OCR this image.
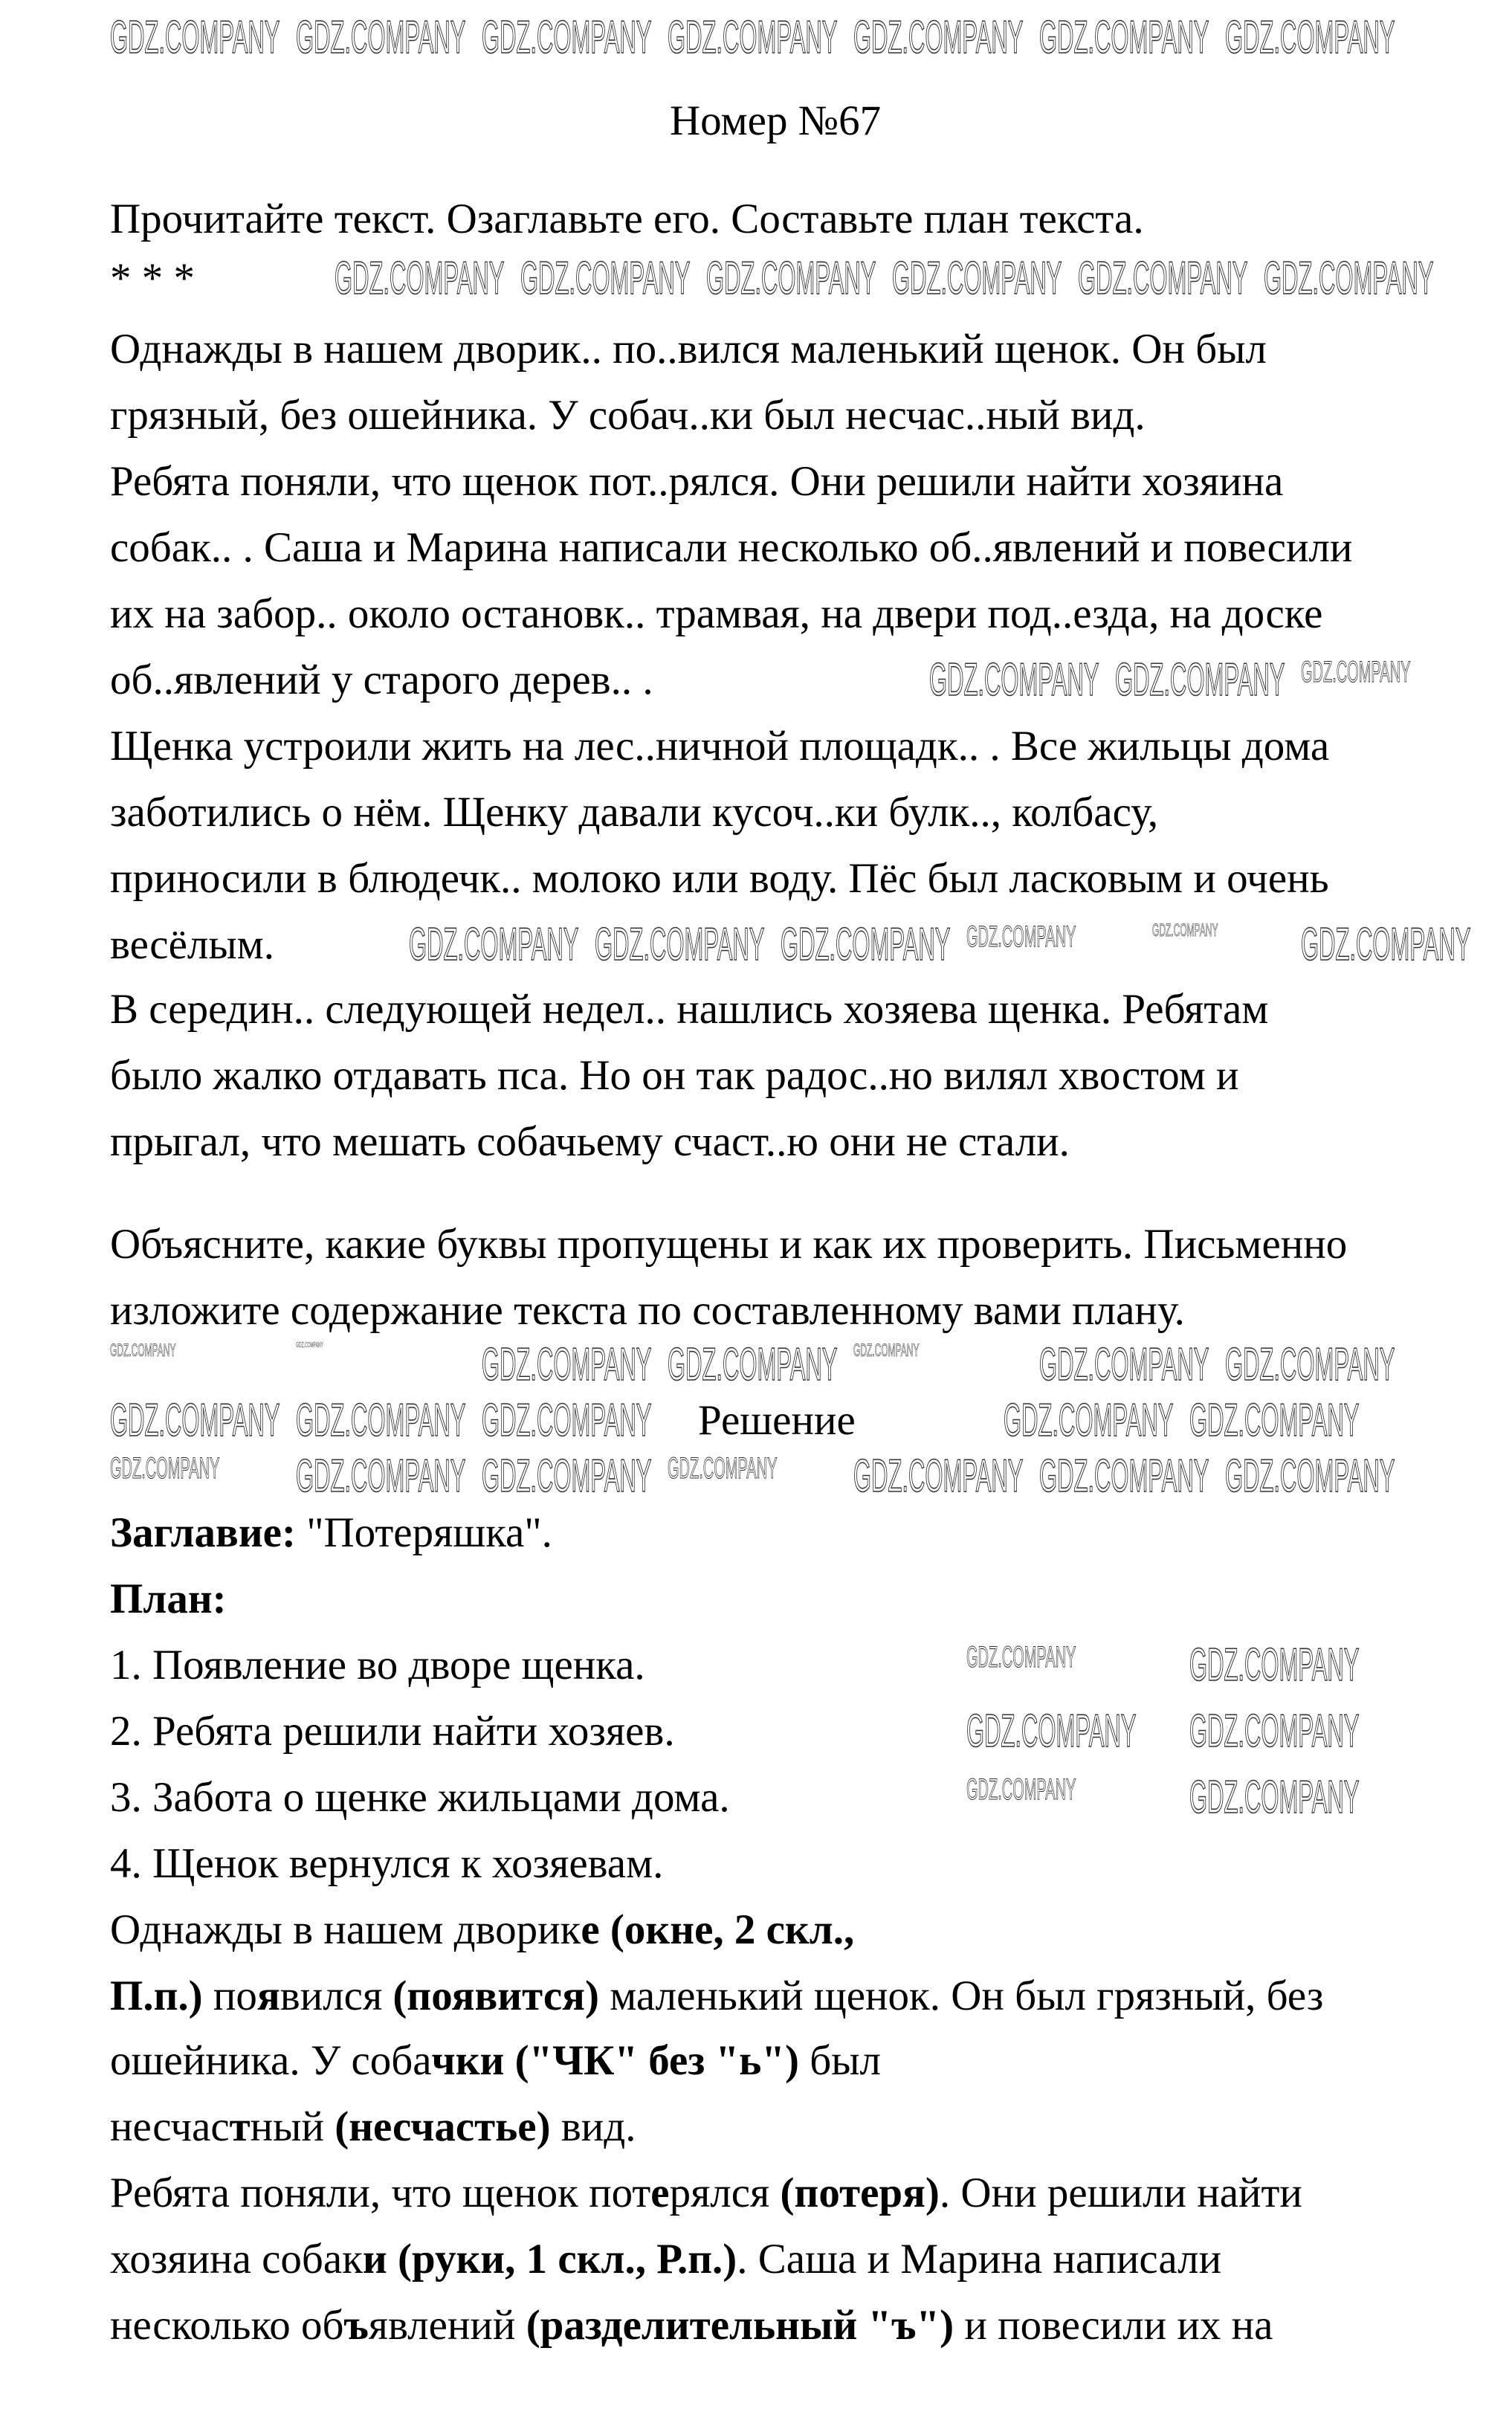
Номер №67
Решение
Прочитайте текст. Озаглавьте его. Составьте план текста.
* * *
Однажды в нашем дворик.. по..вился маленький щенок. Он был
грязный, без ошейника. У собач..ки был несчас..ный вид.
Ребята поняли, что щенок пот..рялся. Они решили найти хозяина
собак.. . Саша и Марина написали несколько об..явлений и повесили
их на забор.. около остановк.. трамвая, на двери под..езда, на доске
об..явлений у старого дерев.. .
Щенка устроили жить на лес..ничной площадк.. . Все жильцы дома
заботились о нём. Щенку давали кусоч..ки булк.., колбасу,
приносили в блюдечк.. молоко или воду. Пёс был ласковым и очень
весёлым.
В середин.. следующей недел.. нашлись хозяева щенка. Ребятам
было жалко отдавать пса. Но он так радос..но вилял хвостом и
прыгал, что мешать собачьему счаст..ю они не стали.
Объясните, какие буквы пропущены и как их проверить. Письменно
изложите содержание текста по составленному вами плану.
Заглавие: "Потеряшка".
План:
1. Появление во дворе щенка.
2. Ребята решили найти хозяев.
3. Забота о щенке жильцами дома.
4. Щенок вернулся к хозяевам.
Однажды в нашем дворике (окне, 2 скл.,
П.п.) появился (появится) маленький щенок. Он был грязный, без
ошейника. У собачки ("ЧК" без "ь") был
несчастный (несчастье) вид.
Ребята поняли, что щенок потерялся (потеря). Они решили найти
хозяина собаки (руки, 1 скл., Р.п.). Саша и Марина написали
несколько объявлений (разделительный "ъ") и повесили их на
GDZ.COMPANY GDZ.COMPANY GDZ.COMPANY GDZ.COMPANY GDZ.COMPANY GDZ.COMPANY GDZ.COMPANY
GDZ.COMPANY GDZ.COMPANY GDZ.COMPANY GDZ.COMPANY GDZ.COMPANY GDZ.COMPANY
GDZ.COMPANY GDZ.COMPANY GDZ.COMPANY
GDZ.COMPANY GDZ.COMPANY GDZ.COMPANY GDZ.COMPANY	GDZ.COMPANY GDZ.COMPANY
GDZ.COMPANY	GDZ.COMPANY	GDZ.COMPANY GDZ.COMPANY GDZ.COMPANY	GDZ.COMPANY GDZ.COMPANY
GDZ.COMPANY GDZ.COMPANY GDZ.COMPANY	GDZ.COMPANY GDZ.COMPANY
GDZ.COMPANY GDZ.COMPANY GDZ.COMPANY GDZ.COMPANY GDZ.COMPANY GDZ.COMPANY GDZ.COMPANY
GDZ.COMPANY GDZ.COMPANY
GDZ.COMPANY GDZ.COMPANY
GDZ.COMPANY GDZ.COMPANY
